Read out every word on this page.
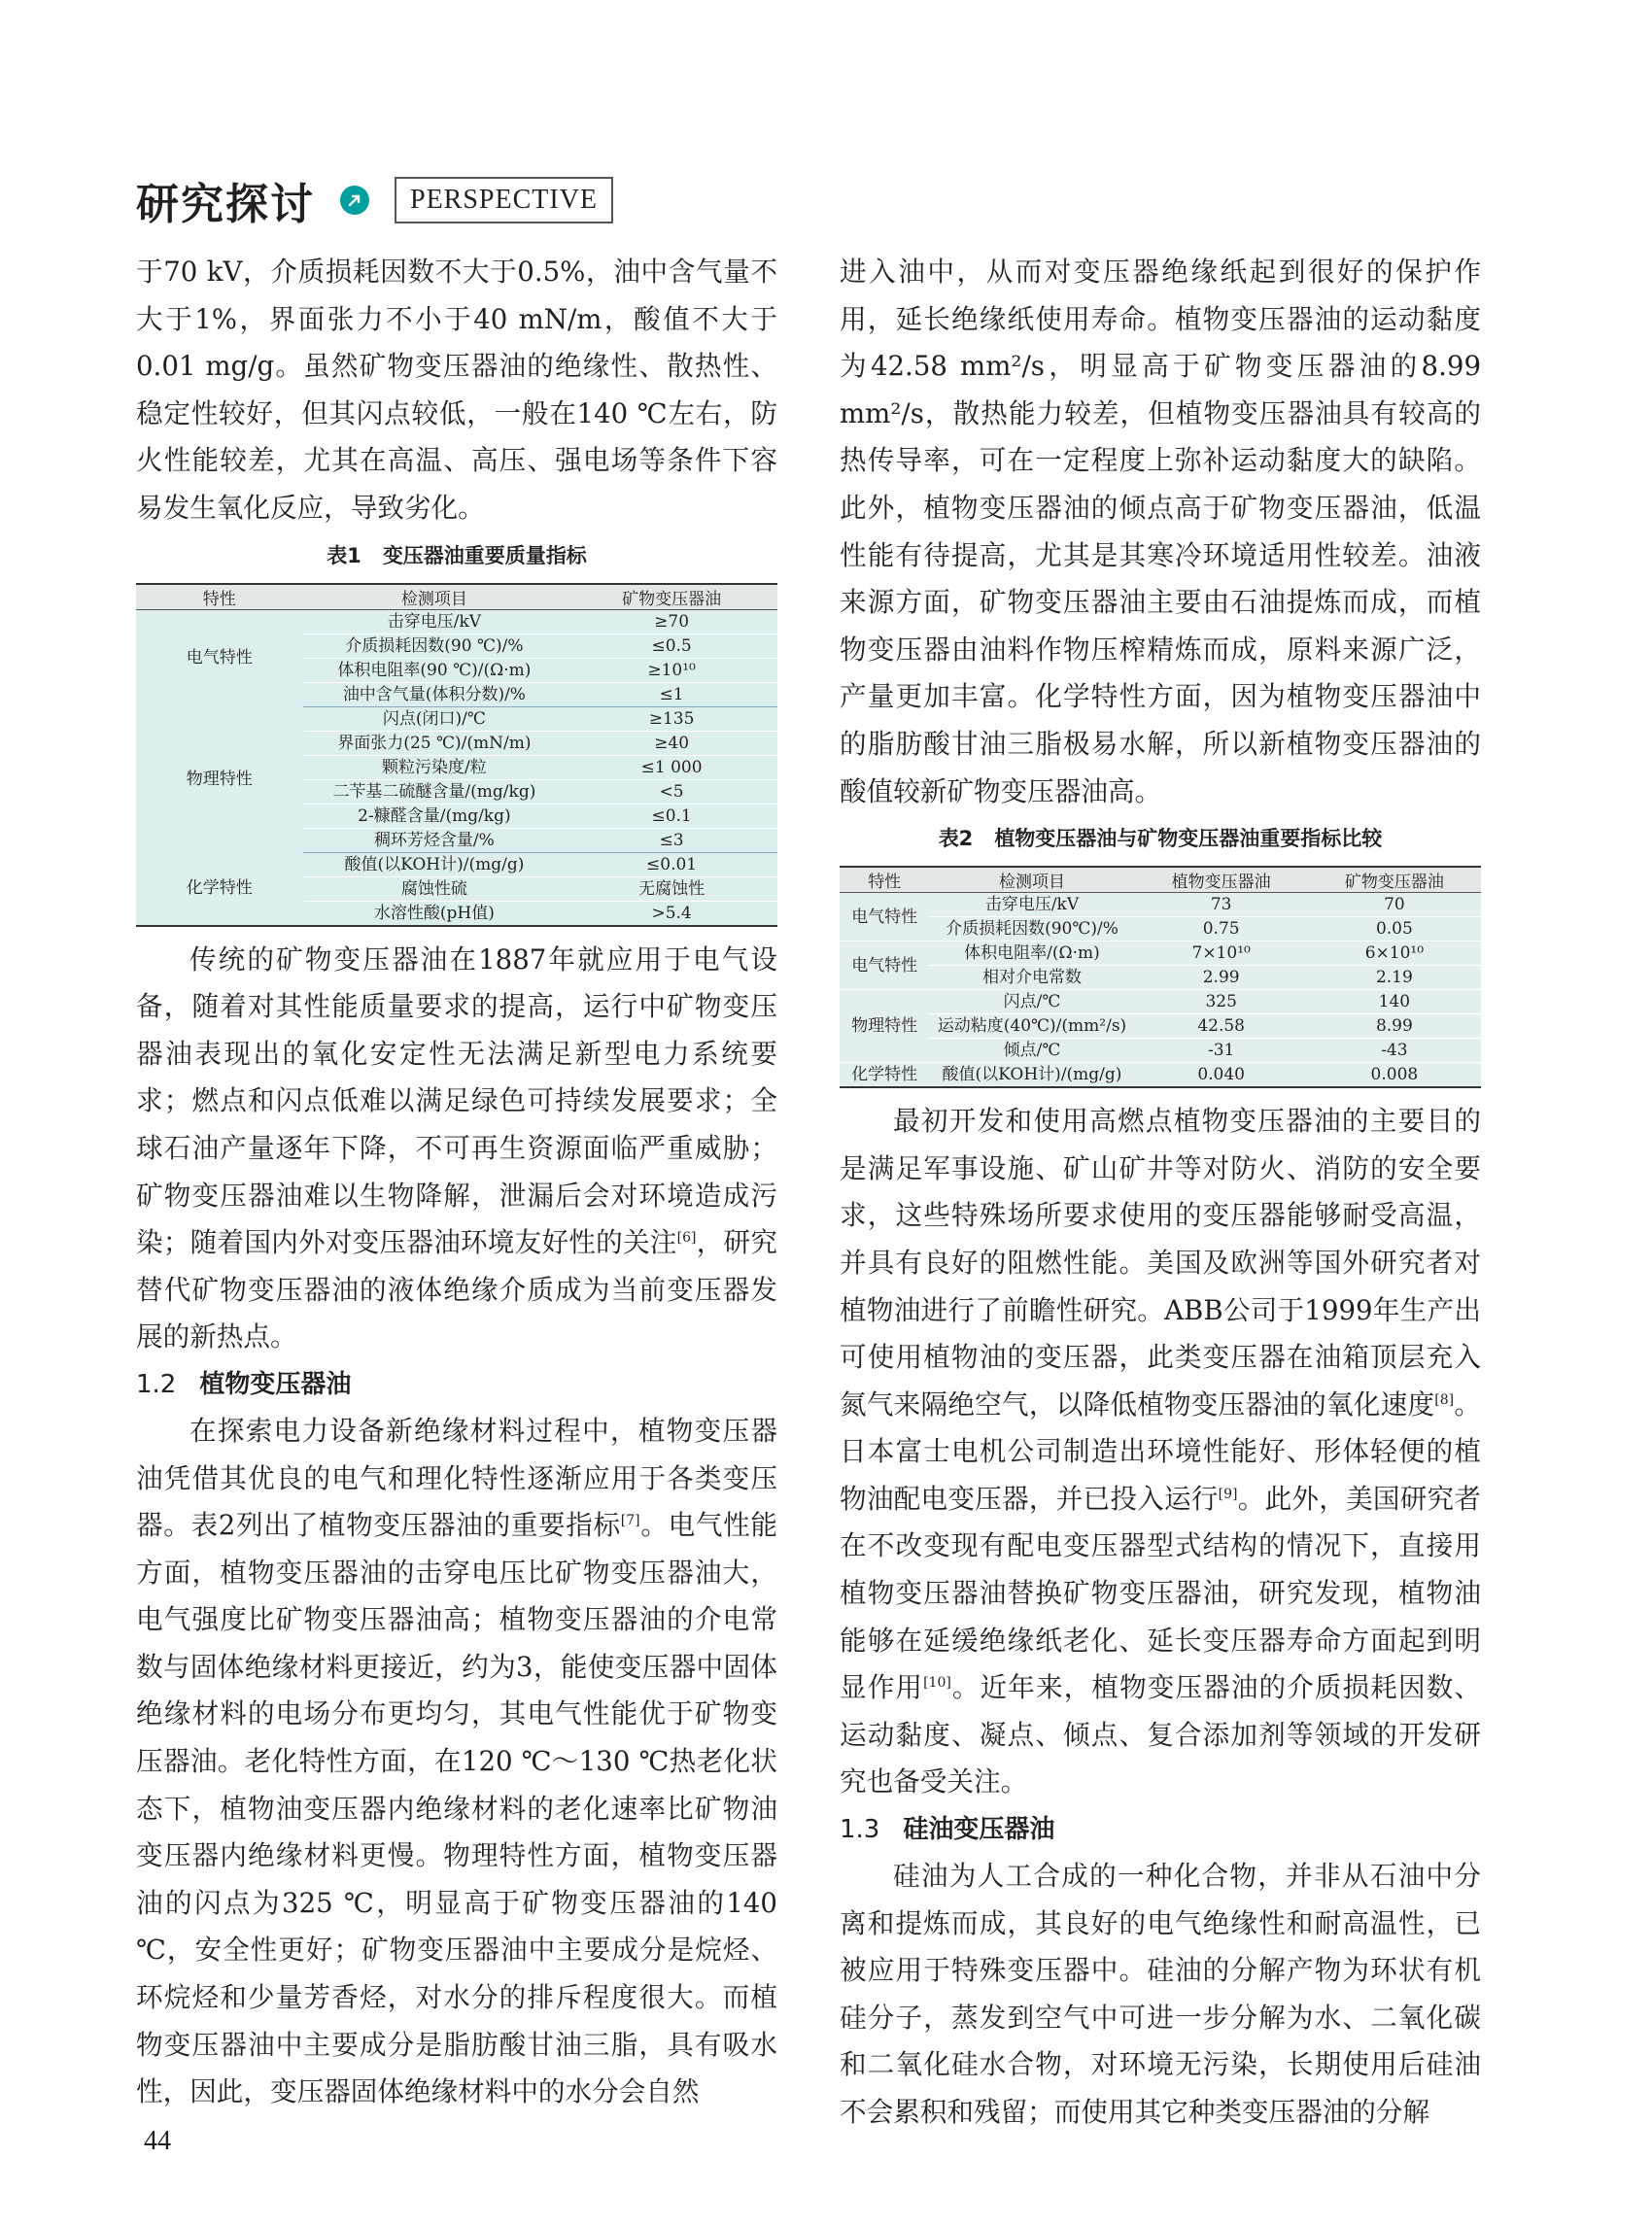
研究探讨	PERSPECTIVE

于70 kV，介质损耗因数不大于0.5%，油中含气量不大于1%，界面张力不小于40 mN/m，酸值不大于0.01 mg/g。虽然矿物变压器油的绝缘性、散热性、稳定性较好，但其闪点较低，一般在140 ℃左右，防火性能较差，尤其在高温、高压、强电场等条件下容易发生氧化反应，导致劣化。

表1 变压器油重要质量指标
特性	检测项目	矿物变压器油
电气特性	击穿电压/kV	≥70
	介质损耗因数(90 ℃)/%	≤0.5
	体积电阻率(90 ℃)/(Ω·m)	≥10¹⁰
	油中含气量(体积分数)/%	≤1
物理特性	闪点(闭口)/℃	≥135
	界面张力(25 ℃)/(mN/m)	≥40
	颗粒污染度/粒	≤1 000
	二苄基二硫醚含量/(mg/kg)	<5
	2-糠醛含量/(mg/kg)	≤0.1
	稠环芳烃含量/%	≤3
化学特性	酸值(以KOH计)/(mg/g)	≤0.01
	腐蚀性硫	无腐蚀性
	水溶性酸(pH值)	>5.4

传统的矿物变压器油在1887年就应用于电气设备，随着对其性能质量要求的提高，运行中矿物变压器油表现出的氧化安定性无法满足新型电力系统要求；燃点和闪点低难以满足绿色可持续发展要求；全球石油产量逐年下降，不可再生资源面临严重威胁；矿物变压器油难以生物降解，泄漏后会对环境造成污染；随着国内外对变压器油环境友好性的关注[6]，研究替代矿物变压器油的液体绝缘介质成为当前变压器发展的新热点。

1.2 植物变压器油

在探索电力设备新绝缘材料过程中，植物变压器油凭借其优良的电气和理化特性逐渐应用于各类变压器。表2列出了植物变压器油的重要指标[7]。电气性能方面，植物变压器油的击穿电压比矿物变压器油大，电气强度比矿物变压器油高；植物变压器油的介电常数与固体绝缘材料更接近，约为3，能使变压器中固体绝缘材料的电场分布更均匀，其电气性能优于矿物变压器油。老化特性方面，在120 ℃～130 ℃热老化状态下，植物油变压器内绝缘材料的老化速率比矿物油变压器内绝缘材料更慢。物理特性方面，植物变压器油的闪点为325 ℃，明显高于矿物变压器油的140 ℃，安全性更好；矿物变压器油中主要成分是烷烃、环烷烃和少量芳香烃，对水分的排斥程度很大。而植物变压器油中主要成分是脂肪酸甘油三脂，具有吸水性，因此，变压器固体绝缘材料中的水分会自然

进入油中，从而对变压器绝缘纸起到很好的保护作用，延长绝缘纸使用寿命。植物变压器油的运动黏度为42.58 mm²/s，明显高于矿物变压器油的8.99 mm²/s，散热能力较差，但植物变压器油具有较高的热传导率，可在一定程度上弥补运动黏度大的缺陷。此外，植物变压器油的倾点高于矿物变压器油，低温性能有待提高，尤其是其寒冷环境适用性较差。油液来源方面，矿物变压器油主要由石油提炼而成，而植物变压器由油料作物压榨精炼而成，原料来源广泛，产量更加丰富。化学特性方面，因为植物变压器油中的脂肪酸甘油三脂极易水解，所以新植物变压器油的酸值较新矿物变压器油高。

表2 植物变压器油与矿物变压器油重要指标比较
特性	检测项目	植物变压器油	矿物变压器油
电气特性	击穿电压/kV	73	70
	介质损耗因数(90℃)/%	0.75	0.05
电气特性	体积电阻率/(Ω·m)	7×10¹⁰	6×10¹⁰
	相对介电常数	2.99	2.19
物理特性	闪点/℃	325	140
	运动粘度(40℃)/(mm²/s)	42.58	8.99
	倾点/℃	-31	-43
化学特性	酸值(以KOH计)/(mg/g)	0.040	0.008

最初开发和使用高燃点植物变压器油的主要目的是满足军事设施、矿山矿井等对防火、消防的安全要求，这些特殊场所要求使用的变压器能够耐受高温，并具有良好的阻燃性能。美国及欧洲等国外研究者对植物油进行了前瞻性研究。ABB公司于1999年生产出可使用植物油的变压器，此类变压器在油箱顶层充入氮气来隔绝空气，以降低植物变压器油的氧化速度[8]。日本富士电机公司制造出环境性能好、形体轻便的植物油配电变压器，并已投入运行[9]。此外，美国研究者在不改变现有配电变压器型式结构的情况下，直接用植物变压器油替换矿物变压器油，研究发现，植物油能够在延缓绝缘纸老化、延长变压器寿命方面起到明显作用[10]。近年来，植物变压器油的介质损耗因数、运动黏度、凝点、倾点、复合添加剂等领域的开发研究也备受关注。

1.3 硅油变压器油

硅油为人工合成的一种化合物，并非从石油中分离和提炼而成，其良好的电气绝缘性和耐高温性，已被应用于特殊变压器中。硅油的分解产物为环状有机硅分子，蒸发到空气中可进一步分解为水、二氧化碳和二氧化硅水合物，对环境无污染，长期使用后硅油不会累积和残留；而使用其它种类变压器油的分解

44
